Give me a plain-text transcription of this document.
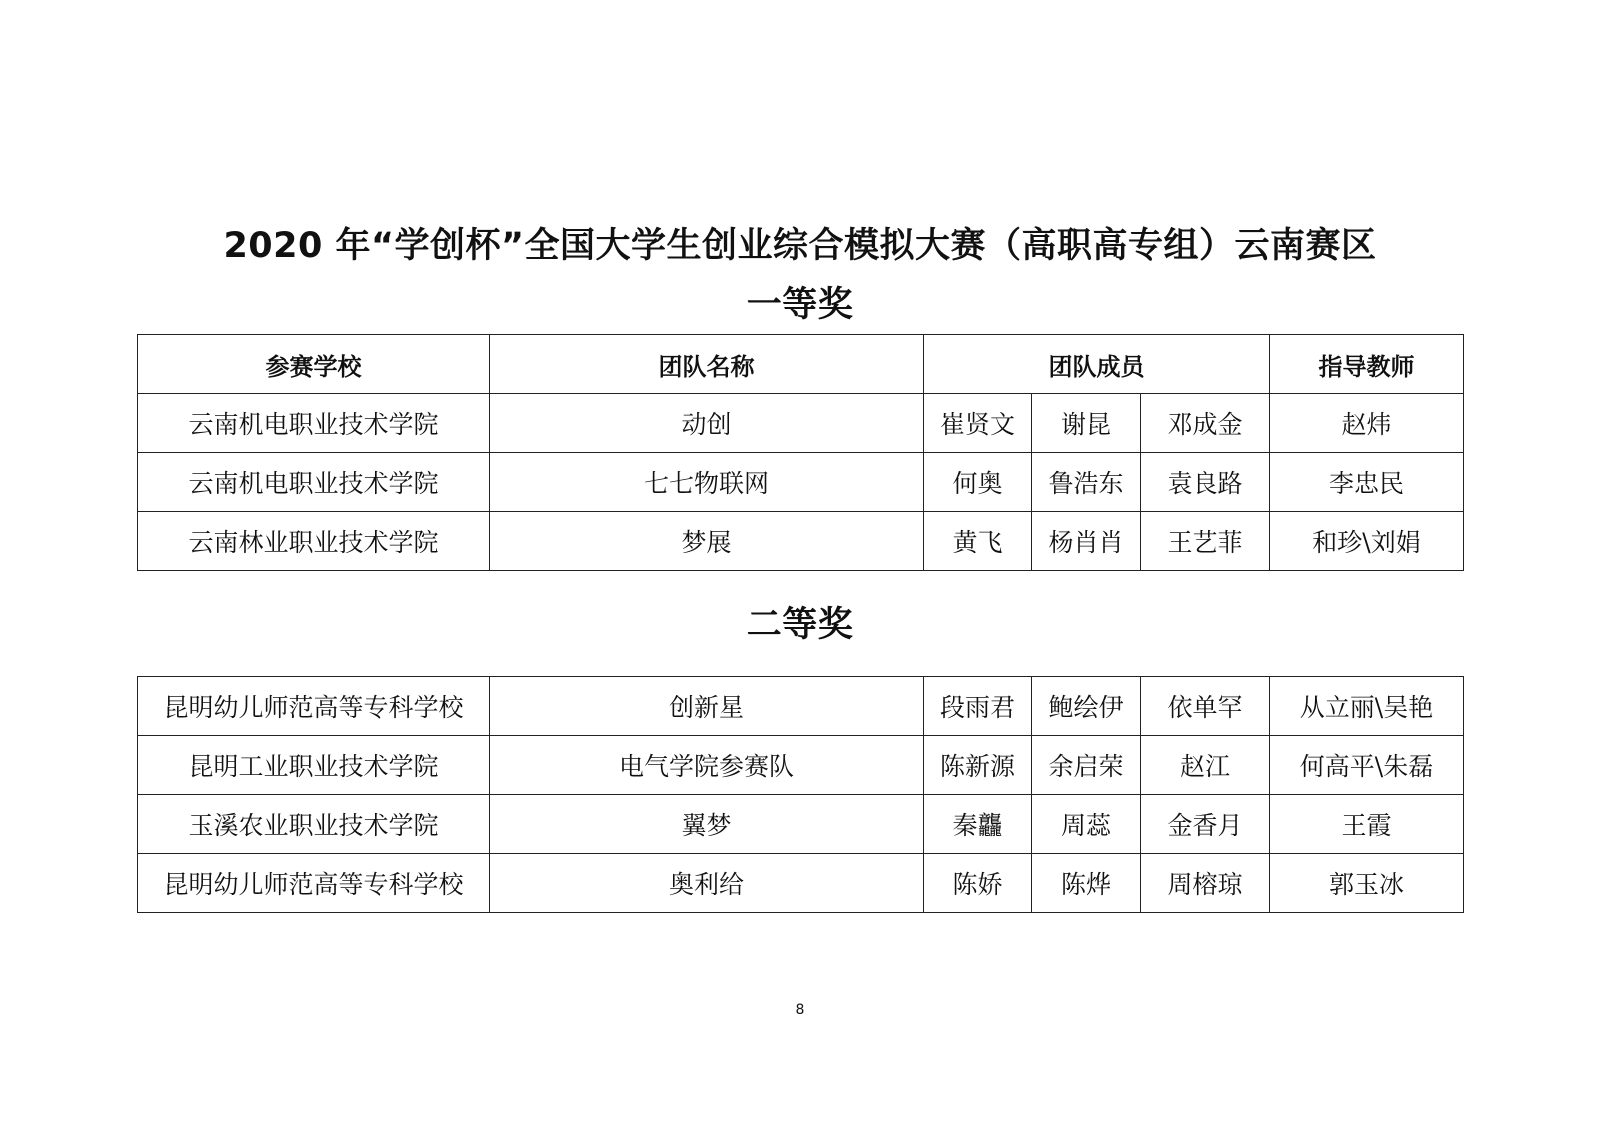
2020 年“学创杯”全国大学生创业综合模拟大赛（高职高专组）云南赛区
一等奖
参赛学校	团队名称	团队成员			指导教师
云南机电职业技术学院	动创	崔贤文	谢昆	邓成金	赵炜
云南机电职业技术学院	七七物联网	何奥	鲁浩东	袁良路	李忠民
云南林业职业技术学院	梦展	黄飞	杨肖肖	王艺菲	和珍\刘娟
二等奖
昆明幼儿师范高等专科学校	创新星	段雨君	鲍绘伊	依单罕	从立丽\吴艳
昆明工业职业技术学院	电气学院参赛队	陈新源	余启荣	赵江	何高平\朱磊
玉溪农业职业技术学院	翼梦	秦龘	周蕊	金香月	王霞
昆明幼儿师范高等专科学校	奥利给	陈娇	陈烨	周榕琼	郭玉冰
8
